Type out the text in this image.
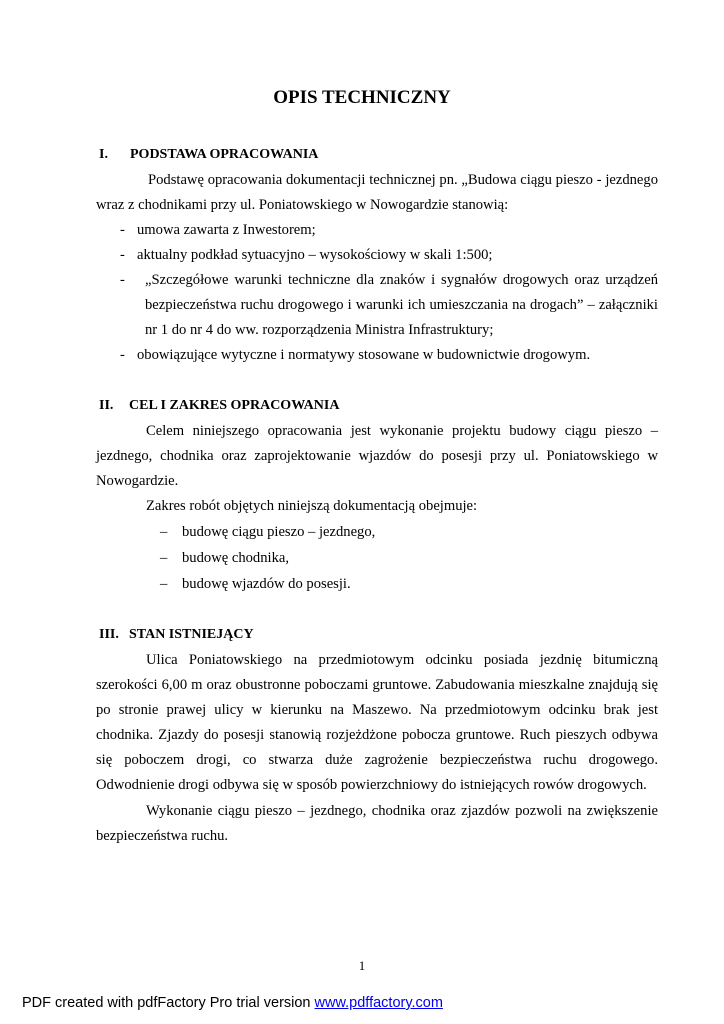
OPIS TECHNICZNY
I. PODSTAWA OPRACOWANIA
Podstawę opracowania dokumentacji technicznej pn. „Budowa ciągu pieszo - jezdnego
wraz z chodnikami przy ul. Poniatowskiego w Nowogardzie stanowią:
- umowa zawarta z Inwestorem;
- aktualny podkład sytuacyjno – wysokościowy w skali 1:500;
- „Szczegółowe warunki techniczne dla znaków i sygnałów drogowych oraz urządzeń
bezpieczeństwa ruchu drogowego i warunki ich umieszczania na drogach” – załączniki
nr 1 do nr 4 do ww. rozporządzenia Ministra Infrastruktury;
- obowiązujące wytyczne i normatywy stosowane w budownictwie drogowym.
II. CEL I ZAKRES OPRACOWANIA
Celem niniejszego opracowania jest wykonanie projektu budowy ciągu pieszo –
jezdnego, chodnika oraz zaprojektowanie wjazdów do posesji przy ul. Poniatowskiego w
Nowogardzie.
Zakres robót objętych niniejszą dokumentacją obejmuje:
– budowę ciągu pieszo – jezdnego,
– budowę chodnika,
– budowę wjazdów do posesji.
III. STAN ISTNIEJĄCY
Ulica Poniatowskiego na przedmiotowym odcinku posiada jezdnię bitumiczną
szerokości 6,00 m oraz obustronne poboczami gruntowe. Zabudowania mieszkalne znajdują się
po stronie prawej ulicy w kierunku na Maszewo. Na przedmiotowym odcinku brak jest
chodnika. Zjazdy do posesji stanowią rozjeżdżone pobocza gruntowe. Ruch pieszych odbywa
się poboczem drogi, co stwarza duże zagrożenie bezpieczeństwa ruchu drogowego.
Odwodnienie drogi odbywa się w sposób powierzchniowy do istniejących rowów drogowych.
Wykonanie ciągu pieszo – jezdnego, chodnika oraz zjazdów pozwoli na zwiększenie
bezpieczeństwa ruchu.
1
PDF created with pdfFactory Pro trial version www.pdffactory.com
